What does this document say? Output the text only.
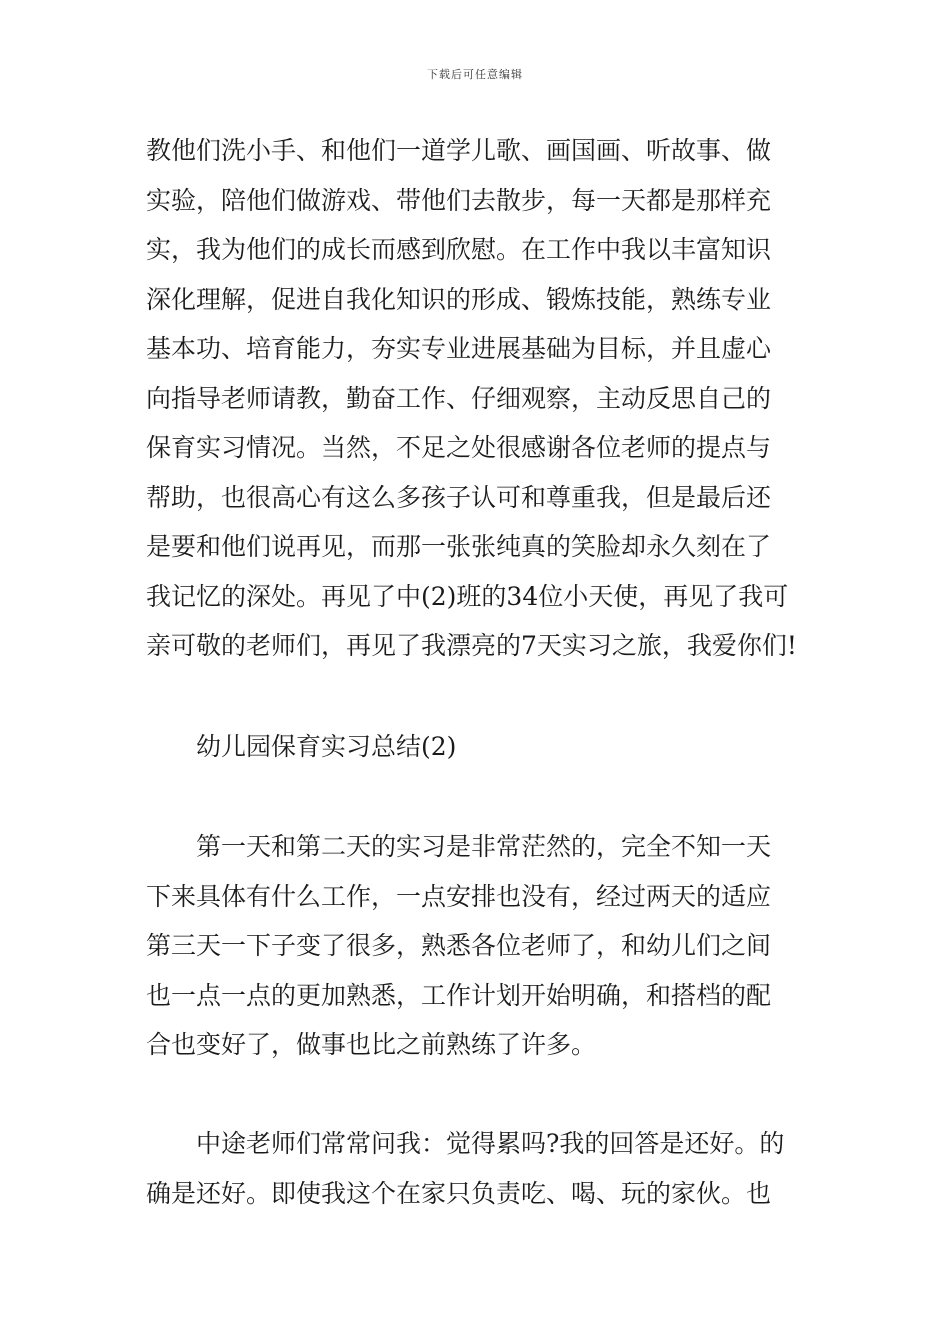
下载后可任意编辑
教他们洗小手、和他们一道学儿歌、画国画、听故事、做
实验，陪他们做游戏、带他们去散步，每一天都是那样充
实，我为他们的成长而感到欣慰。在工作中我以丰富知识
深化理解，促进自我化知识的形成、锻炼技能，熟练专业
基本功、培育能力，夯实专业进展基础为目标，并且虚心
向指导老师请教，勤奋工作、仔细观察，主动反思自己的
保育实习情况。当然，不足之处很感谢各位老师的提点与
帮助，也很高心有这么多孩子认可和尊重我，但是最后还
是要和他们说再见，而那一张张纯真的笑脸却永久刻在了
我记忆的深处。再见了中(2)班的34位小天使，再见了我可
亲可敬的老师们，再见了我漂亮的7天实习之旅，我爱你们!
幼儿园保育实习总结(2)
第一天和第二天的实习是非常茫然的，完全不知一天
下来具体有什么工作，一点安排也没有，经过两天的适应
第三天一下子变了很多，熟悉各位老师了，和幼儿们之间
也一点一点的更加熟悉，工作计划开始明确，和搭档的配
合也变好了，做事也比之前熟练了许多。
中途老师们常常问我：觉得累吗?我的回答是还好。的
确是还好。即使我这个在家只负责吃、喝、玩的家伙。也
